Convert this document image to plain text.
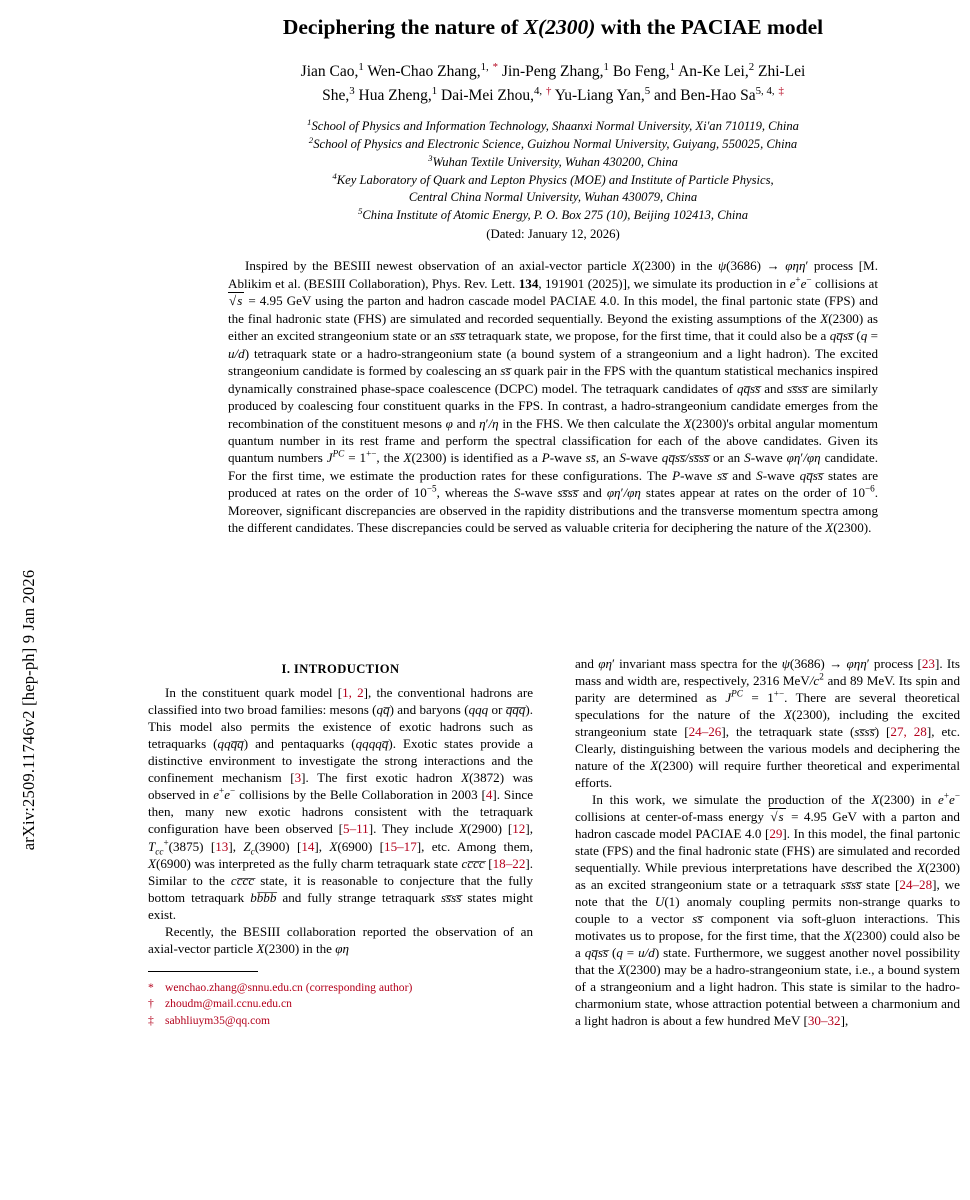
arXiv:2509.11746v2 [hep-ph] 9 Jan 2026
Deciphering the nature of X(2300) with the PACIAE model
Jian Cao,$^1$ Wen-Chao Zhang,$^{1,}$ * Jin-Peng Zhang,$^1$ Bo Feng,$^1$ An-Ke Lei,$^2$ Zhi-Lei
She,$^3$ Hua Zheng,$^1$ Dai-Mei Zhou,$^{4,}$ † Yu-Liang Yan,$^5$ and Ben-Hao $Sa^{5, 4,}$ ‡
$^1$School of Physics and Information Technology, Shaanxi Normal University, Xi'an 710119, China
$^2$School of Physics and Electronic Science, Guizhou Normal University, Guiyang, 550025, China
$^3$Wuhan Textile University, Wuhan 430200, China
$^4$Key Laboratory of Quark and Lepton Physics (MOE) and Institute of Particle Physics,
Central China Normal University, Wuhan 430079, China
$^5$China Institute of Atomic Energy, P. O. Box 275 (10), Beijing 102413, China
(Dated: January 12, 2026)

Inspired by the BESIII newest observation of an axial-vector particle X(2300) in the ψ(3686) → φηη′ process [M. Ablikim et al. (BESIII Collaboration), Phys. Rev. Lett. 134, 191901 (2025)], we simulate its production in e+e− collisions at √s = 4.95 GeV using the parton and hadron cascade model PACIAE 4.0. In this model, the final partonic state (FPS) and the final hadronic state (FHS) are simulated and recorded sequentially. Beyond the existing assumptions of the X(2300) as either an excited strangeonium state or an ss̅s̅ tetraquark state, we propose, for the first time, that it could also be a qq̅ss̅ (q = u/d) tetraquark state or a hadro-strangeonium state (a bound system of a strangeonium and a light hadron). The excited strangeonium candidate is formed by coalescing an ss̅ quark pair in the FPS with the quantum statistical mechanics inspired dynamically constrained phase-space coalescence (DCPC) model. The tetraquark candidates of qq̅ss̅ and ss̅ss̅ are similarly produced by coalescing four constituent quarks in the FPS. In contrast, a hadro-strangeonium candidate emerges from the recombination of the constituent mesons φ and η′/η in the FHS. We then calculate the X(2300)'s orbital angular momentum quantum number in its rest frame and perform the spectral classification for each of the above candidates. Given its quantum numbers $J^{PC} = 1^{+-}$, the X(2300) is identified as a P-wave ss̄, an S-wave qq̅ss̅/ss̅ss̅ or an S-wave φη′/φη candidate. For the first time, we estimate the production rates for these configurations. The P-wave ss̅ and S-wave qq̅ss̅ states are produced at rates on the order of $10^{-5}$, whereas the S-wave ss̅ss̅ and φη′/φη states appear at rates on the order of $10^{-6}$. Moreover, significant discrepancies are observed in the rapidity distributions and the transverse momentum spectra among the different candidates. These discrepancies could be served as valuable criteria for deciphering the nature of the X(2300).

I. INTRODUCTION

In the constituent quark model [1, 2], the conventional hadrons are classified into two broad families: mesons (qq̅) and baryons (qqq or q̅q̅q̅). This model also permits the existence of exotic hadrons such as tetraquarks (qqq̅q̅) and pentaquarks (qqqqq̅). Exotic states provide a distinctive environment to investigate the strong interactions and the confinement mechanism [3]. The first exotic hadron X(3872) was observed in e+e− collisions by the Belle Collaboration in 2003 [4]. Since then, many new exotic hadrons consistent with the tetraquark configuration have been observed [5–11]. They include X(2900) [12], $T_{cc}^+(3875)$ [13], $Z_c(3900)$ [14], X(6900) [15–17], etc. Among them, X(6900) was interpreted as the fully charm tetraquark state cc̅c̅c̅ [18–22]. Similar to the cc̅c̅c̅ state, it is reasonable to conjecture that the fully bottom tetraquark bb̅b̅b̅ and fully strange tetraquark ss̅ss̅ states might exist.

Recently, the BESIII collaboration reported the observation of an axial-vector particle X(2300) in the φη

* wenchao.zhang@snnu.edu.cn (corresponding author)
† zhoudm@mail.ccnu.edu.cn
‡ sabhliuym35@qq.com

and φη′ invariant mass spectra for the ψ(3686) → φηη′ process [23]. Its mass and width are, respectively, 2316 MeV/$c^2$ and 89 MeV. Its spin and parity are determined as $J^{PC} = 1^{+-}$. There are several theoretical speculations for the nature of the X(2300), including the excited strangeonium state [24–26], the tetraquark state (ss̅ss̅) [27, 28], etc. Clearly, distinguishing between the various models and deciphering the nature of the X(2300) will require further theoretical and experimental efforts.

In this work, we simulate the production of the X(2300) in e+e− collisions at center-of-mass energy √s = 4.95 GeV with a parton and hadron cascade model PACIAE 4.0 [29]. In this model, the final partonic state (FPS) and the final hadronic state (FHS) are simulated and recorded sequentially. While previous interpretations have described the X(2300) as an excited strangeonium state or a tetraquark ss̅ss̅ state [24–28], we note that the U(1) anomaly coupling permits non-strange quarks to couple to a vector ss̅ component via soft-gluon interactions. This motivates us to propose, for the first time, that the X(2300) could also be a qq̅ss̅ (q = u/d) state. Furthermore, we suggest another novel possibility that the X(2300) may be a hadro-strangeonium state, i.e., a bound system of a strangeonium and a light hadron. This state is similar to the hadro-charmonium state, whose attraction potential between a charmonium and a light hadron is about a few hundred MeV [30–32],
